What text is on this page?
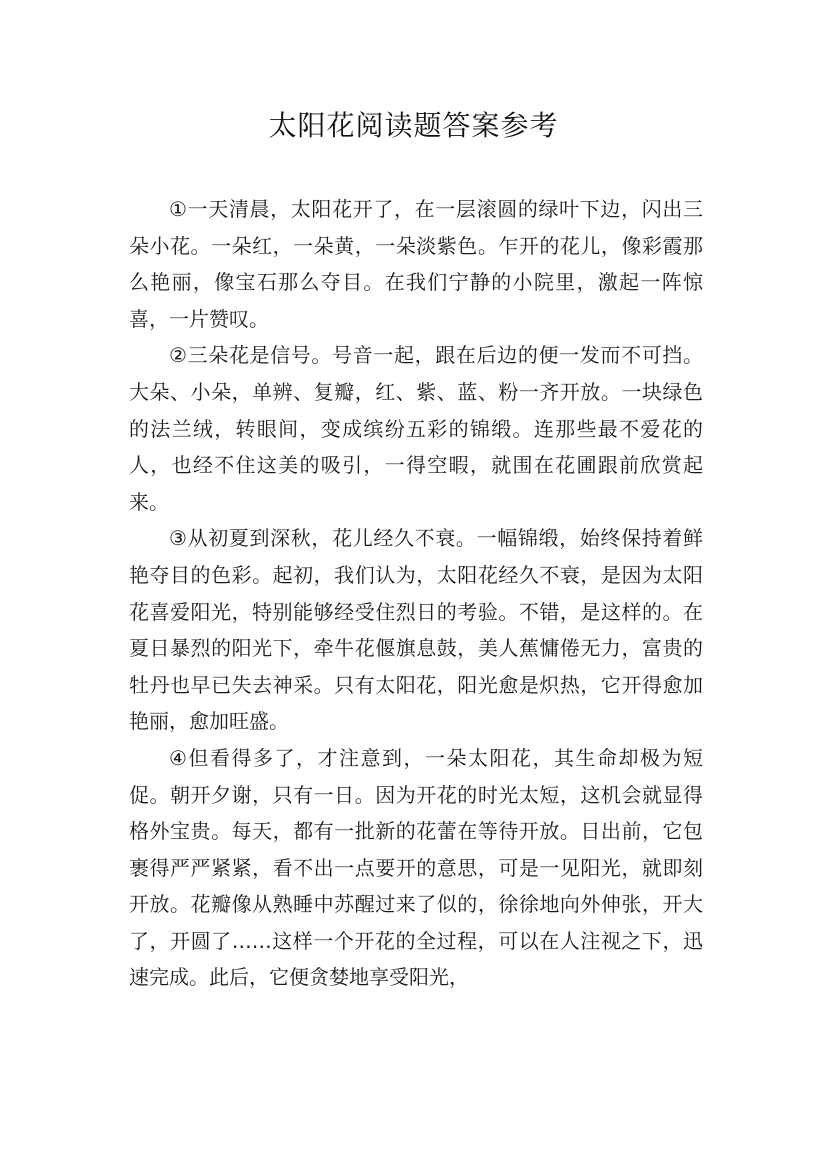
太阳花阅读题答案参考

①一天清晨，太阳花开了，在一层滚圆的绿叶下边，闪出三朵小花。一朵红，一朵黄，一朵淡紫色。乍开的花儿，像彩霞那么艳丽，像宝石那么夺目。在我们宁静的小院里，激起一阵惊喜，一片赞叹。

②三朵花是信号。号音一起，跟在后边的便一发而不可挡。大朵、小朵，单辨、复瓣，红、紫、蓝、粉一齐开放。一块绿色的法兰绒，转眼间，变成缤纷五彩的锦缎。连那些最不爱花的人，也经不住这美的吸引，一得空暇，就围在花圃跟前欣赏起来。

③从初夏到深秋，花儿经久不衰。一幅锦缎，始终保持着鲜艳夺目的色彩。起初，我们认为，太阳花经久不衰，是因为太阳花喜爱阳光，特别能够经受住烈日的考验。不错，是这样的。在夏日暴烈的阳光下，牵牛花偃旗息鼓，美人蕉慵倦无力，富贵的牡丹也早已失去神采。只有太阳花，阳光愈是炽热，它开得愈加艳丽，愈加旺盛。

④但看得多了，才注意到，一朵太阳花，其生命却极为短促。朝开夕谢，只有一日。因为开花的时光太短，这机会就显得格外宝贵。每天，都有一批新的花蕾在等待开放。日出前，它包裹得严严紧紧，看不出一点要开的意思，可是一见阳光，就即刻开放。花瓣像从熟睡中苏醒过来了似的，徐徐地向外伸张，开大了，开圆了……这样一个开花的全过程，可以在人注视之下，迅速完成。此后，它便贪婪地享受阳光，
